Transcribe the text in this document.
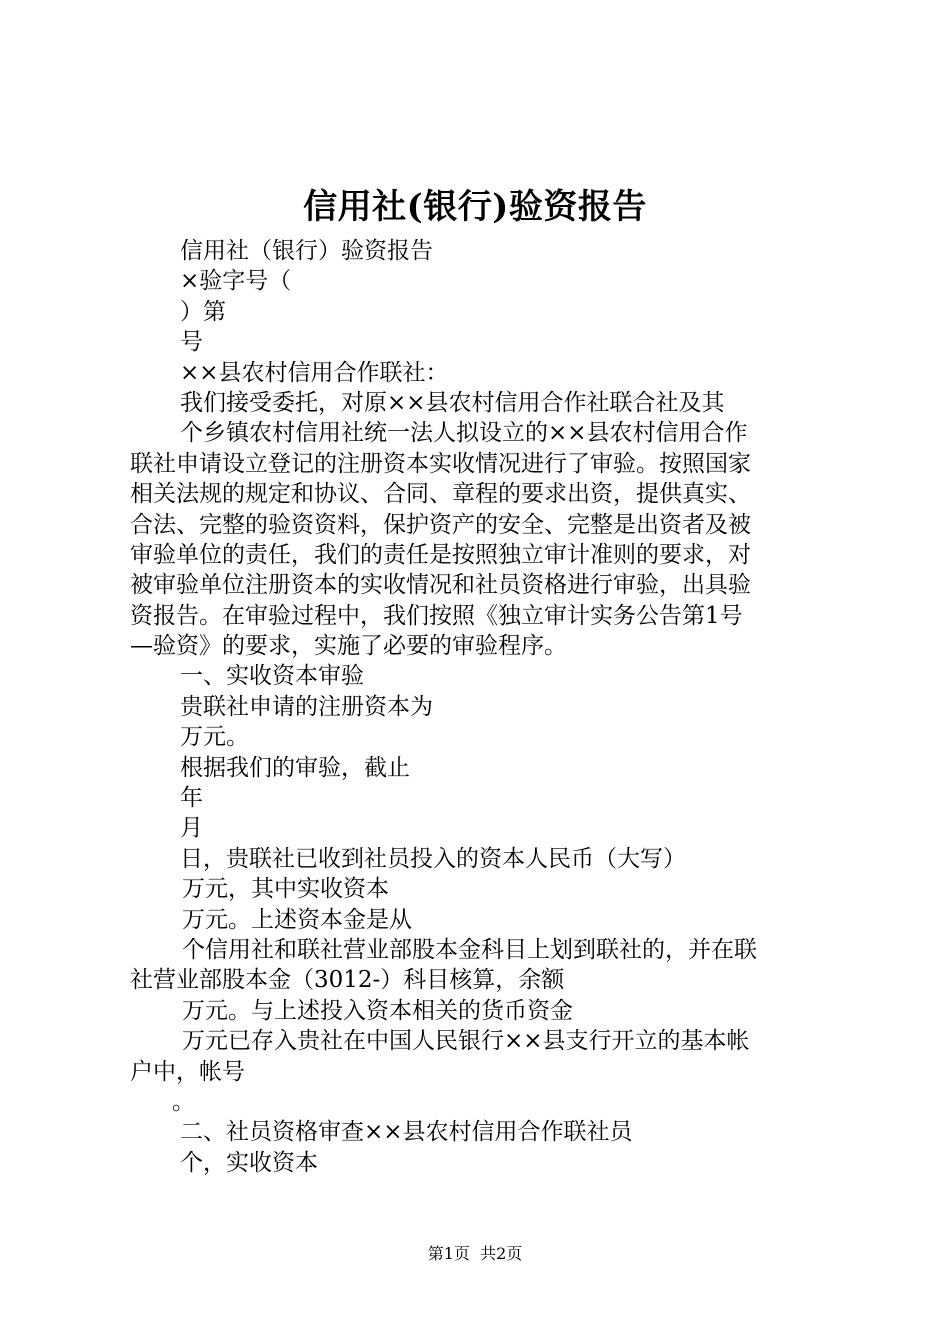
信用社(银行)验资报告
信用社（银行）验资报告
×验字号（
）第
号
××县农村信用合作联社：
我们接受委托，对原××县农村信用合作社联合社及其
个乡镇农村信用社统一法人拟设立的××县农村信用合作
联社申请设立登记的注册资本实收情况进行了审验。按照国家
相关法规的规定和协议、合同、章程的要求出资，提供真实、
合法、完整的验资资料，保护资产的安全、完整是出资者及被
审验单位的责任，我们的责任是按照独立审计准则的要求，对
被审验单位注册资本的实收情况和社员资格进行审验，出具验
资报告。在审验过程中，我们按照《独立审计实务公告第1号
—验资》的要求，实施了必要的审验程序。
一、实收资本审验
贵联社申请的注册资本为
万元。
根据我们的审验，截止
年
月
日，贵联社已收到社员投入的资本人民币（大写）
万元，其中实收资本
万元。上述资本金是从
个信用社和联社营业部股本金科目上划到联社的，并在联
社营业部股本金（3012-）科目核算，余额
万元。与上述投入资本相关的货币资金
万元已存入贵社在中国人民银行××县支行开立的基本帐
户中，帐号
。
二、社员资格审查××县农村信用合作联社员
个，实收资本
第1页  共2页
